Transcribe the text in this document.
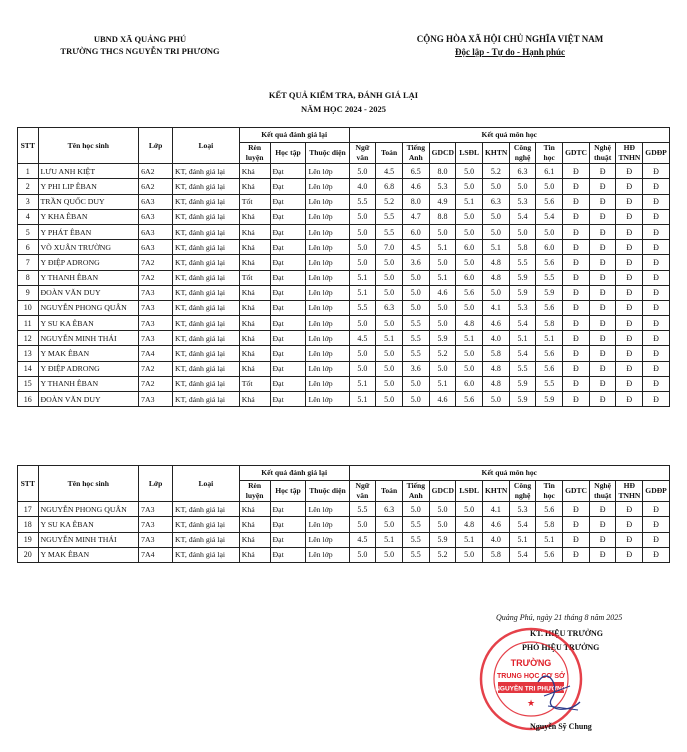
UBND XÃ QUẢNG PHÚ
TRƯỜNG THCS NGUYỄN TRI PHƯƠNG
CỘNG HÒA XÃ HỘI CHỦ NGHĨA VIỆT NAM
Độc lập - Tự do - Hạnh phúc
KẾT QUẢ KIỂM TRA, ĐÁNH GIÁ LẠI
NĂM HỌC 2024 - 2025
STT	Tên học sinh	Lớp	Loại	Kết quả đánh giá lại			Kết quả môn học											
				Rèn luyện	Học tập	Thuộc diện	Ngữ văn	Toán	Tiếng Anh	GDCD	LSĐL	KHTN	Công nghệ	Tin học	GDTC	Nghệ thuật	HĐ TNHN	GDĐP
1	LƯU ANH KIỆT	6A2	KT, đánh giá lại	Khá	Đạt	Lên lớp	5.0	4.5	6.5	8.0	5.0	5.2	6.3	6.1	Đ	Đ	Đ	Đ
2	Y PHI LIP ÊBAN	6A2	KT, đánh giá lại	Khá	Đạt	Lên lớp	4.0	6.8	4.6	5.3	5.0	5.0	5.0	5.0	Đ	Đ	Đ	Đ
3	TRẦN QUỐC DUY	6A3	KT, đánh giá lại	Tốt	Đạt	Lên lớp	5.5	5.2	8.0	4.9	5.1	6.3	5.3	5.6	Đ	Đ	Đ	Đ
4	Y KHA ÊBAN	6A3	KT, đánh giá lại	Khá	Đạt	Lên lớp	5.0	5.5	4.7	8.8	5.0	5.0	5.4	5.4	Đ	Đ	Đ	Đ
5	Y PHÁT ÊBAN	6A3	KT, đánh giá lại	Khá	Đạt	Lên lớp	5.0	5.5	6.0	5.0	5.0	5.0	5.0	5.0	Đ	Đ	Đ	Đ
6	VÕ XUÂN TRƯỜNG	6A3	KT, đánh giá lại	Khá	Đạt	Lên lớp	5.0	7.0	4.5	5.1	6.0	5.1	5.8	6.0	Đ	Đ	Đ	Đ
7	Y ĐIỆP ADRONG	7A2	KT, đánh giá lại	Khá	Đạt	Lên lớp	5.0	5.0	3.6	5.0	5.0	4.8	5.5	5.6	Đ	Đ	Đ	Đ
8	Y THANH ÊBAN	7A2	KT, đánh giá lại	Tốt	Đạt	Lên lớp	5.1	5.0	5.0	5.1	6.0	4.8	5.9	5.5	Đ	Đ	Đ	Đ
9	ĐOÀN VĂN DUY	7A3	KT, đánh giá lại	Khá	Đạt	Lên lớp	5.1	5.0	5.0	4.6	5.6	5.0	5.9	5.9	Đ	Đ	Đ	Đ
10	NGUYỄN PHONG QUÂN	7A3	KT, đánh giá lại	Khá	Đạt	Lên lớp	5.5	6.3	5.0	5.0	5.0	4.1	5.3	5.6	Đ	Đ	Đ	Đ
11	Y SU KA ÊBAN	7A3	KT, đánh giá lại	Khá	Đạt	Lên lớp	5.0	5.0	5.5	5.0	4.8	4.6	5.4	5.8	Đ	Đ	Đ	Đ
12	NGUYỄN MINH THÁI	7A3	KT, đánh giá lại	Khá	Đạt	Lên lớp	4.5	5.1	5.5	5.9	5.1	4.0	5.1	5.1	Đ	Đ	Đ	Đ
13	Y MAK ÊBAN	7A4	KT, đánh giá lại	Khá	Đạt	Lên lớp	5.0	5.0	5.5	5.2	5.0	5.8	5.4	5.6	Đ	Đ	Đ	Đ
14	Y ĐIỆP ADRONG	7A2	KT, đánh giá lại	Khá	Đạt	Lên lớp	5.0	5.0	3.6	5.0	5.0	4.8	5.5	5.6	Đ	Đ	Đ	Đ
15	Y THANH ÊBAN	7A2	KT, đánh giá lại	Tốt	Đạt	Lên lớp	5.1	5.0	5.0	5.1	6.0	4.8	5.9	5.5	Đ	Đ	Đ	Đ
16	ĐOÀN VĂN DUY	7A3	KT, đánh giá lại	Khá	Đạt	Lên lớp	5.1	5.0	5.0	4.6	5.6	5.0	5.9	5.9	Đ	Đ	Đ	Đ
STT	Tên học sinh	Lớp	Loại	Kết quả đánh giá lại			Kết quả môn học											
				Rèn luyện	Học tập	Thuộc diện	Ngữ văn	Toán	Tiếng Anh	GDCD	LSĐL	KHTN	Công nghệ	Tin học	GDTC	Nghệ thuật	HĐ TNHN	GDĐP
17	NGUYỄN PHONG QUÂN	7A3	KT, đánh giá lại	Khá	Đạt	Lên lớp	5.5	6.3	5.0	5.0	5.0	4.1	5.3	5.6	Đ	Đ	Đ	Đ
18	Y SU KA ÊBAN	7A3	KT, đánh giá lại	Khá	Đạt	Lên lớp	5.0	5.0	5.5	5.0	4.8	4.6	5.4	5.8	Đ	Đ	Đ	Đ
19	NGUYỄN MINH THÁI	7A3	KT, đánh giá lại	Khá	Đạt	Lên lớp	4.5	5.1	5.5	5.9	5.1	4.0	5.1	5.1	Đ	Đ	Đ	Đ
20	Y MAK ÊBAN	7A4	KT, đánh giá lại	Khá	Đạt	Lên lớp	5.0	5.0	5.5	5.2	5.0	5.8	5.4	5.6	Đ	Đ	Đ	Đ
Quảng Phú, ngày 21 tháng 8 năm 2025
KT. HIỆU TRƯỞNG
PHÓ HIỆU TRƯỞNG
TRƯỜNG
TRUNG HỌC CƠ SỞ
NGUYỄN TRI PHƯƠNG
★
Nguyễn Sỹ Chung
